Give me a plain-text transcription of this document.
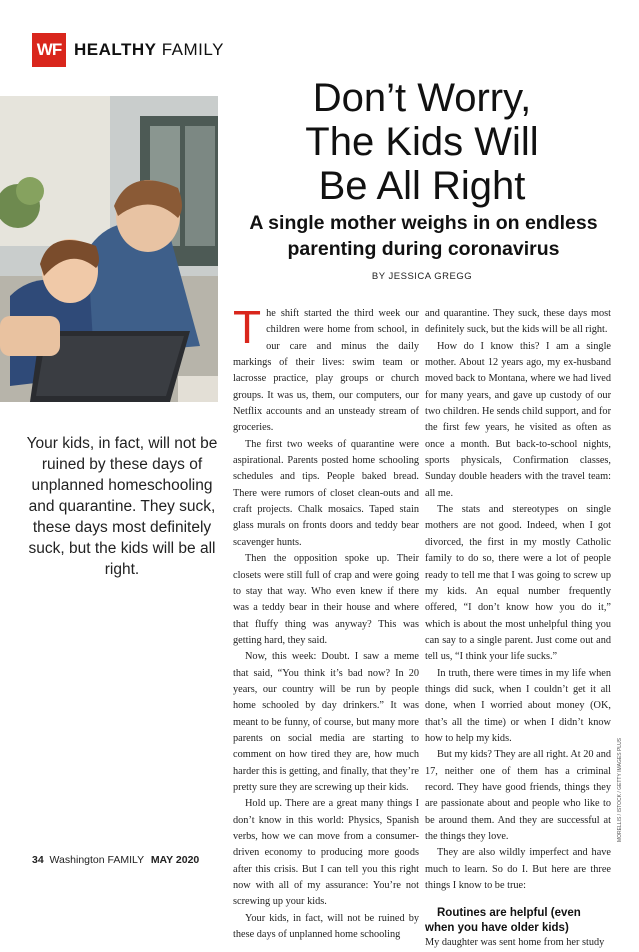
WF HEALTHY FAMILY
Don’t Worry,
The Kids Will
Be All Right
A single mother weighs in on endless
parenting during coronavirus
BY JESSICA GREGG
Your kids, in fact, will not be ruined by these days of unplanned homeschooling and quarantine. They suck, these days most definitely suck, but the kids will be all right.

The shift started the third week our children were home from school, in our care and minus the daily markings of their lives: swim team or lacrosse practice, play groups or church groups. It was us, them, our computers, our Netflix accounts and an unsteady stream of groceries.

The first two weeks of quarantine were aspirational. Parents posted home schooling schedules and tips. People baked bread. There were rumors of closet clean-outs and craft projects. Chalk mosaics. Taped stain glass murals on fronts doors and teddy bear scavenger hunts.

Then the opposition spoke up. Their closets were still full of crap and were going to stay that way. Who even knew if there was a teddy bear in their house and where that fluffy thing was anyway? This was getting hard, they said.

Now, this week: Doubt. I saw a meme that said, “You think it’s bad now? In 20 years, our country will be run by people home schooled by day drinkers.” It was meant to be funny, of course, but many more parents on social media are starting to comment on how tired they are, how much harder this is getting, and finally, that they’re pretty sure they are screwing up their kids.

Hold up. There are a great many things I don’t know in this world: Physics, Spanish verbs, how we can move from a consumer-driven economy to producing more goods after this crisis. But I can tell you this right now with all of my assurance: You’re not screwing up your kids.

Your kids, in fact, will not be ruined by these days of unplanned home schooling

and quarantine. They suck, these days most definitely suck, but the kids will be all right.

How do I know this? I am a single mother. About 12 years ago, my ex-husband moved back to Montana, where we had lived for many years, and gave up custody of our two children. He sends child support, and for the first few years, he visited as often as once a month. But back-to-school nights, sports physicals, Confirmation classes, Sunday double headers with the travel team: all me.

The stats and stereotypes on single mothers are not good. Indeed, when I got divorced, the first in my mostly Catholic family to do so, there were a lot of people ready to tell me that I was going to screw up my kids. An equal number frequently offered, “I don’t know how you do it,” which is about the most unhelpful thing you can say to a single parent. Just come out and tell us, “I think your life sucks.”

In truth, there were times in my life when things did suck, when I couldn’t get it all done, when I worried about money (OK, that’s all the time) or when I didn’t know how to help my kids.

But my kids? They are all right. At 20 and 17, neither one of them has a criminal record. They have good friends, things they are passionate about and people who like to be around them. And they are successful at the things they love.

They are also wildly imperfect and have much to learn. So do I. But here are three things I know to be true:

Routines are helpful (even when you have older kids)

My daughter was sent home from her study

34 Washington FAMILY MAY 2020
MORELLIS / ISTOCK / GETTY IMAGES PLUS
